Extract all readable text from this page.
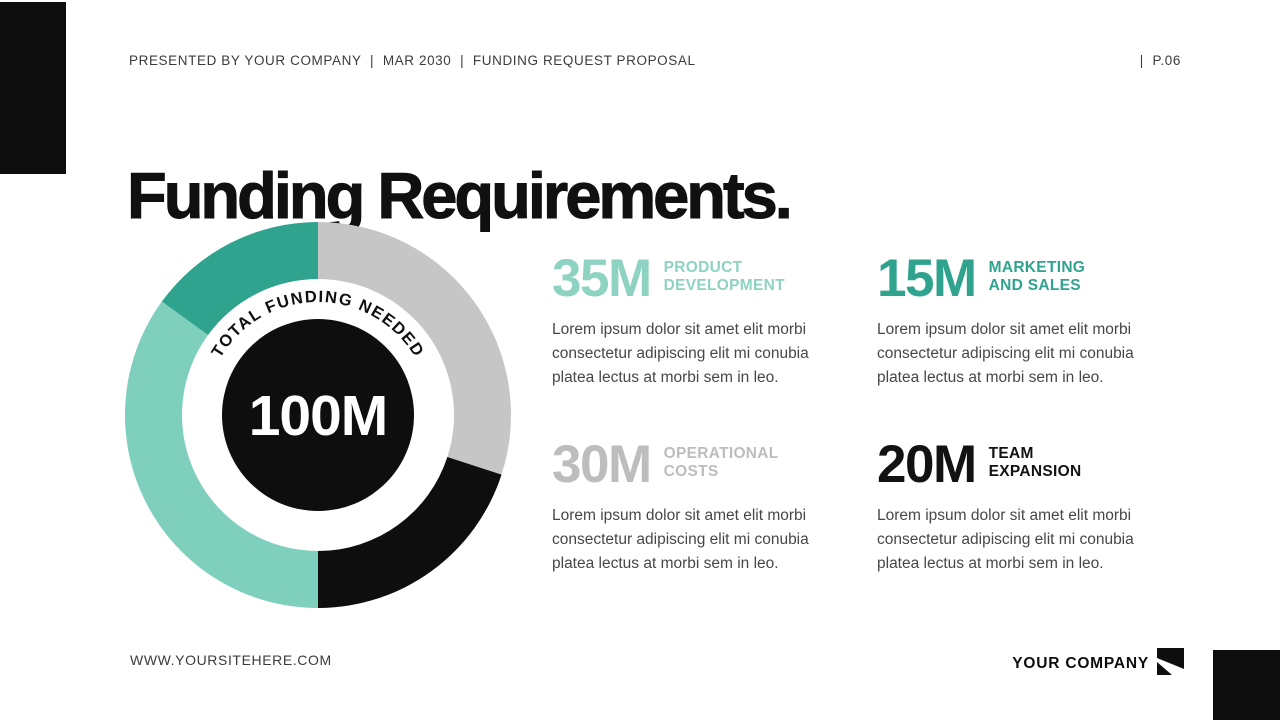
PRESENTED BY YOUR COMPANY  |  MAR 2030  |  FUNDING REQUEST PROPOSAL	|  P.06
Funding Requirements.
TOTAL FUNDING NEEDED
100M
35M PRODUCT
DEVELOPMENT

Lorem ipsum dolor sit amet elit morbi consectetur adipiscing elit mi conubia platea lectus at morbi sem in leo.

15M MARKETING
AND SALES

Lorem ipsum dolor sit amet elit morbi consectetur adipiscing elit mi conubia platea lectus at morbi sem in leo.

30M OPERATIONAL
COSTS

Lorem ipsum dolor sit amet elit morbi consectetur adipiscing elit mi conubia platea lectus at morbi sem in leo.

20M TEAM
EXPANSION

Lorem ipsum dolor sit amet elit morbi consectetur adipiscing elit mi conubia platea lectus at morbi sem in leo.

WWW.YOURSITEHERE.COM	YOUR COMPANY
